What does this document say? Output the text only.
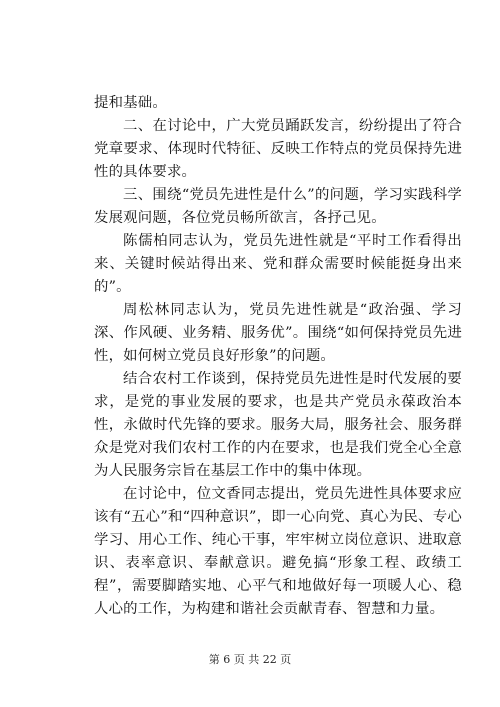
提和基础。

二、在讨论中，广大党员踊跃发言，纷纷提出了符合党章要求、体现时代特征、反映工作特点的党员保持先进性的具体要求。

三、围绕“党员先进性是什么”的问题，学习实践科学发展观问题，各位党员畅所欲言，各抒己见。

陈儒柏同志认为，党员先进性就是“平时工作看得出来、关键时候站得出来、党和群众需要时候能挺身出来的”。

周松林同志认为，党员先进性就是“政治强、学习深、作风硬、业务精、服务优”。围绕“如何保持党员先进性，如何树立党员良好形象”的问题。

结合农村工作谈到，保持党员先进性是时代发展的要求，是党的事业发展的要求，也是共产党员永葆政治本性，永做时代先锋的要求。服务大局，服务社会、服务群众是党对我们农村工作的内在要求，也是我们党全心全意为人民服务宗旨在基层工作中的集中体现。

在讨论中，位文香同志提出，党员先进性具体要求应该有“五心”和“四种意识”，即一心向党、真心为民、专心学习、用心工作、纯心干事，牢牢树立岗位意识、进取意识、表率意识、奉献意识。避免搞“形象工程、政绩工程”，需要脚踏实地、心平气和地做好每一项暖人心、稳人心的工作，为构建和谐社会贡献青春、智慧和力量。

第 6 页 共 22 页
